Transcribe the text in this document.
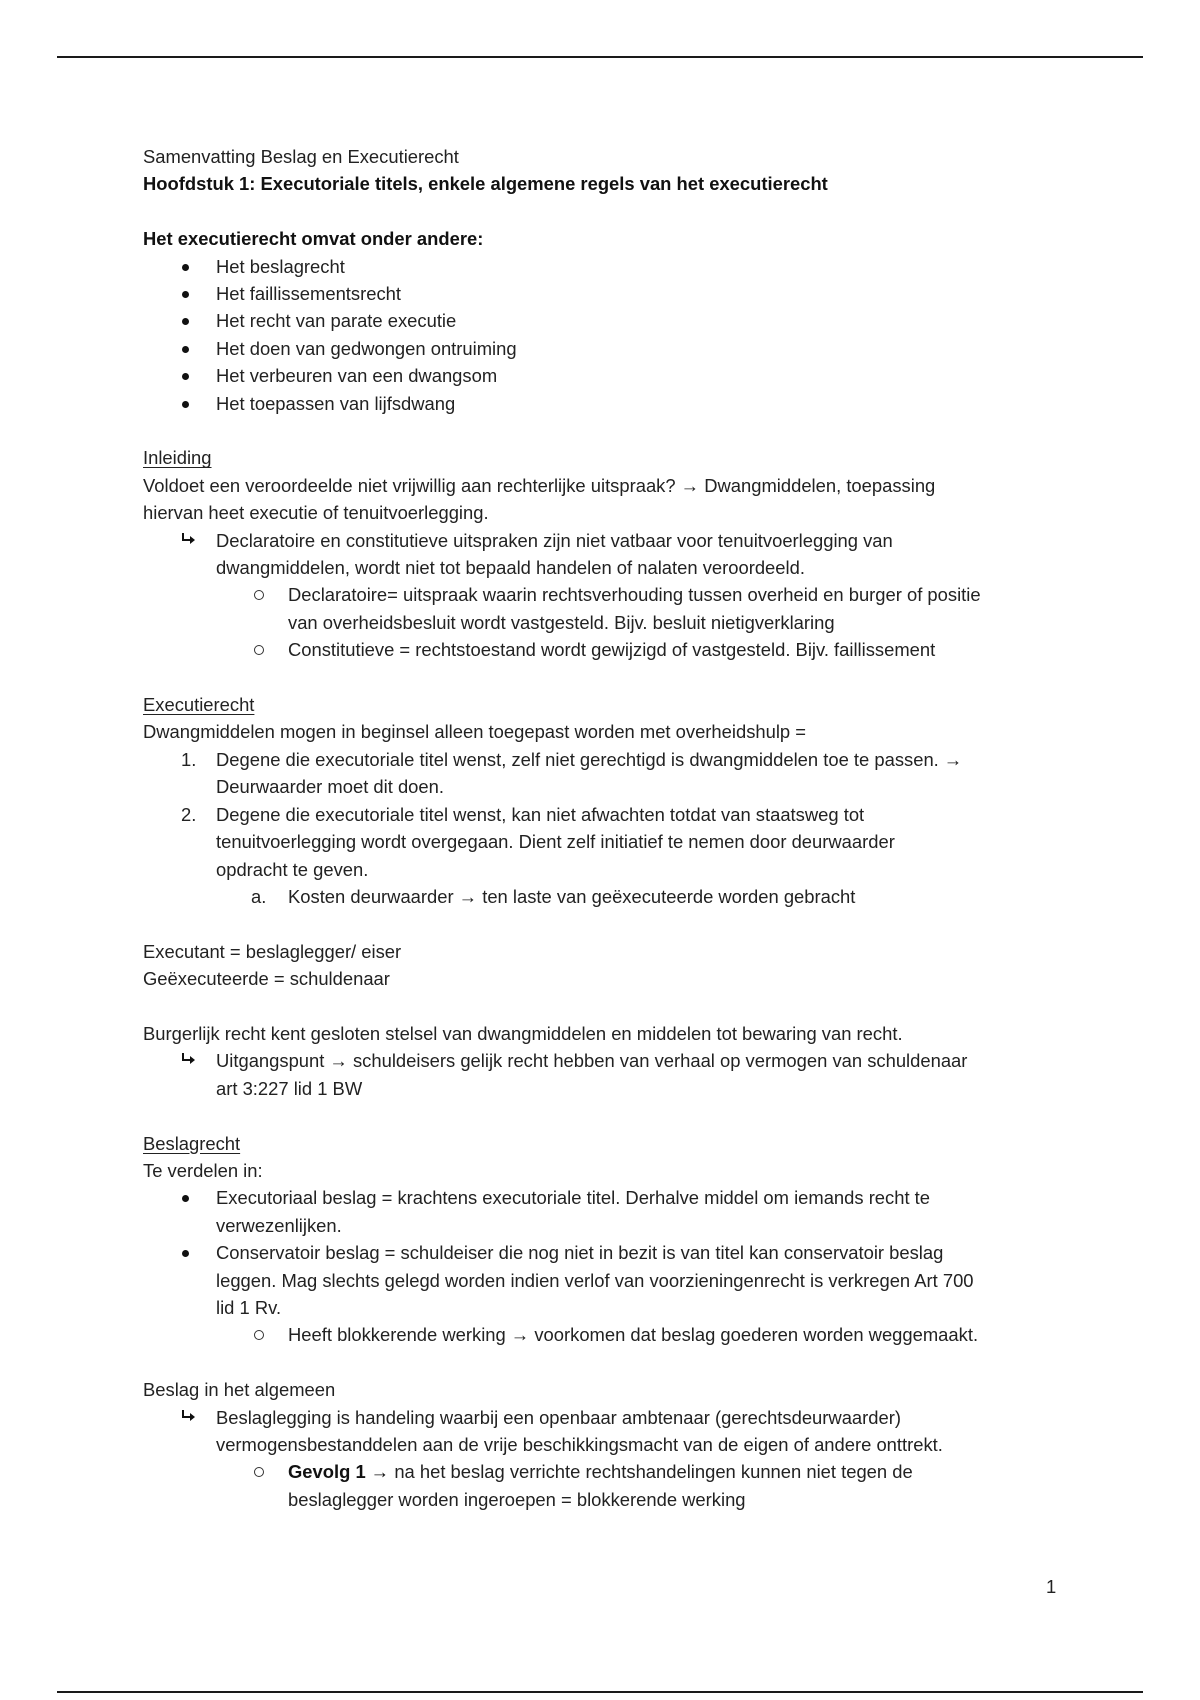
Samenvatting Beslag en Executierecht

Hoofdstuk 1: Executoriale titels, enkele algemene regels van het executierecht

Het executierecht omvat onder andere:

Het beslagrecht

Het faillissementsrecht

Het recht van parate executie

Het doen van gedwongen ontruiming

Het verbeuren van een dwangsom

Het toepassen van lijfsdwang

Inleiding

Voldoet een veroordeelde niet vrijwillig aan rechterlijke uitspraak? → Dwangmiddelen, toepassing

hiervan heet executie of tenuitvoerlegging.

Declaratoire en constitutieve uitspraken zijn niet vatbaar voor tenuitvoerlegging van

dwangmiddelen, wordt niet tot bepaald handelen of nalaten veroordeeld.

Declaratoire= uitspraak waarin rechtsverhouding tussen overheid en burger of positie

van overheidsbesluit wordt vastgesteld. Bijv. besluit nietigverklaring

Constitutieve = rechtstoestand wordt gewijzigd of vastgesteld. Bijv. faillissement

Executierecht

Dwangmiddelen mogen in beginsel alleen toegepast worden met overheidshulp =

1. Degene die executoriale titel wenst, zelf niet gerechtigd is dwangmiddelen toe te passen. →

Deurwaarder moet dit doen.

2. Degene die executoriale titel wenst, kan niet afwachten totdat van staatsweg tot

tenuitvoerlegging wordt overgegaan. Dient zelf initiatief te nemen door deurwaarder

opdracht te geven.

a. Kosten deurwaarder → ten laste van geëxecuteerde worden gebracht

Executant = beslaglegger/ eiser

Geëxecuteerde = schuldenaar

Burgerlijk recht kent gesloten stelsel van dwangmiddelen en middelen tot bewaring van recht.

Uitgangspunt → schuldeisers gelijk recht hebben van verhaal op vermogen van schuldenaar

art 3:227 lid 1 BW

Beslagrecht

Te verdelen in:

Executoriaal beslag = krachtens executoriale titel. Derhalve middel om iemands recht te

verwezenlijken.

Conservatoir beslag = schuldeiser die nog niet in bezit is van titel kan conservatoir beslag

leggen. Mag slechts gelegd worden indien verlof van voorzieningenrecht is verkregen Art 700

lid 1 Rv.

Heeft blokkerende werking → voorkomen dat beslag goederen worden weggemaakt.

Beslag in het algemeen

Beslaglegging is handeling waarbij een openbaar ambtenaar (gerechtsdeurwaarder)

vermogensbestanddelen aan de vrije beschikkingsmacht van de eigen of andere onttrekt.

Gevolg 1 → na het beslag verrichte rechtshandelingen kunnen niet tegen de

beslaglegger worden ingeroepen = blokkerende werking

1
